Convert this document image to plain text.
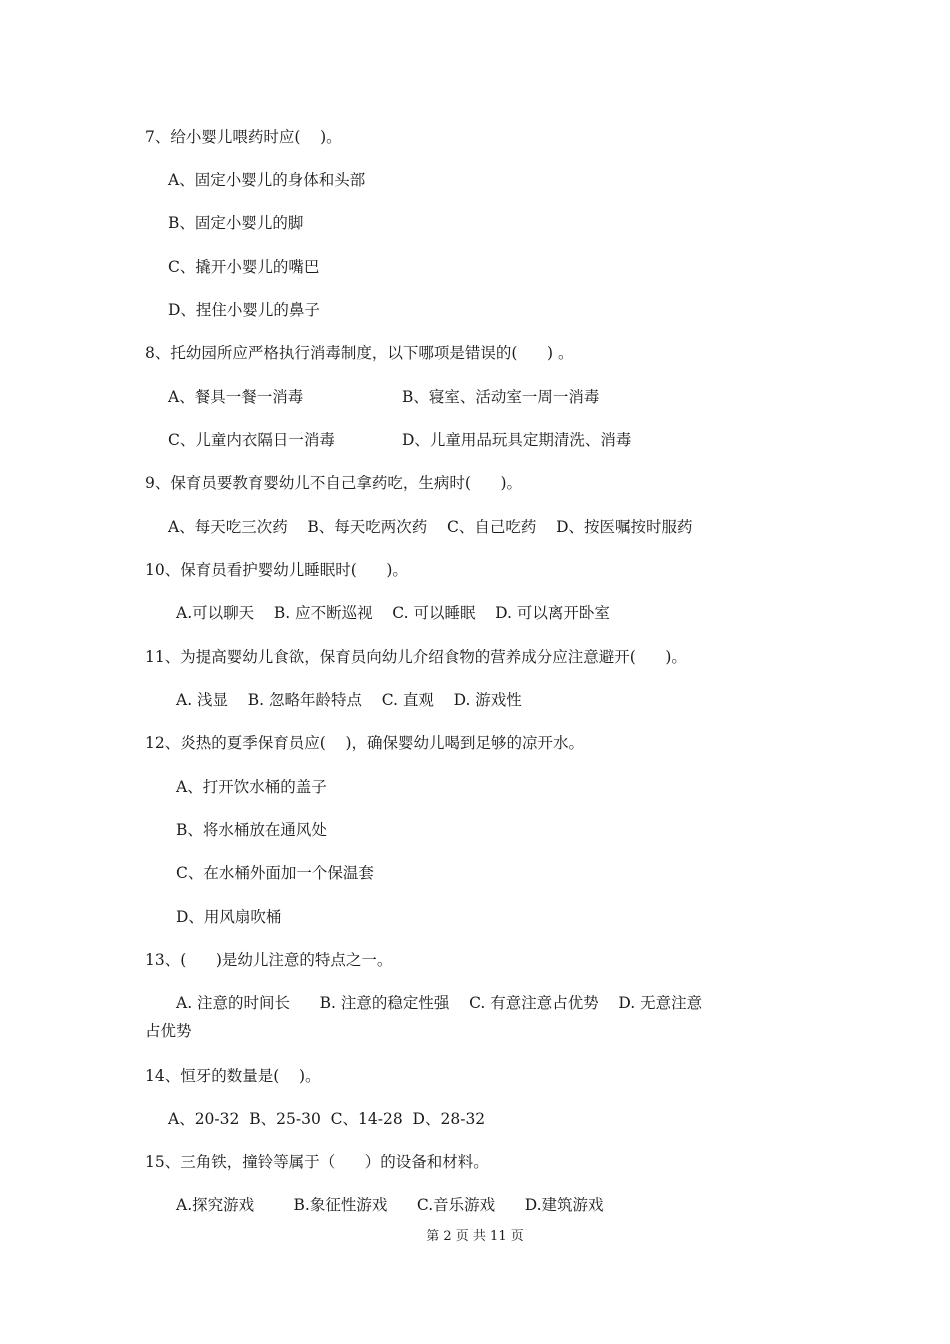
7、给小婴儿喂药时应(    )。
A、固定小婴儿的身体和头部
B、固定小婴儿的脚
C、撬开小婴儿的嘴巴
D、捏住小婴儿的鼻子
8、托幼园所应严格执行消毒制度，以下哪项是错误的(      ) 。
A、餐具一餐一消毒	B、寝室、活动室一周一消毒
C、儿童内衣隔日一消毒	D、儿童用品玩具定期清洗、消毒
9、保育员要教育婴幼儿不自己拿药吃，生病时(      )。
A、每天吃三次药    B、每天吃两次药    C、自己吃药    D、按医嘱按时服药
10、保育员看护婴幼儿睡眠时(      )。
A.可以聊天    B. 应不断巡视    C. 可以睡眠    D. 可以离开卧室
11、为提高婴幼儿食欲，保育员向幼儿介绍食物的营养成分应注意避开(      )。
A. 浅显    B. 忽略年龄特点    C. 直观    D. 游戏性
12、炎热的夏季保育员应(    )，确保婴幼儿喝到足够的凉开水。
A、打开饮水桶的盖子
B、将水桶放在通风处
C、在水桶外面加一个保温套
D、用风扇吹桶
13、(      )是幼儿注意的特点之一。
A. 注意的时间长      B. 注意的稳定性强    C. 有意注意占优势    D. 无意注意
占优势
14、恒牙的数量是(    )。
A、20-32  B、25-30  C、14-28  D、28-32
15、三角铁，撞铃等属于（      ）的设备和材料。
A.探究游戏        B.象征性游戏      C.音乐游戏      D.建筑游戏
第 2 页 共 11 页
